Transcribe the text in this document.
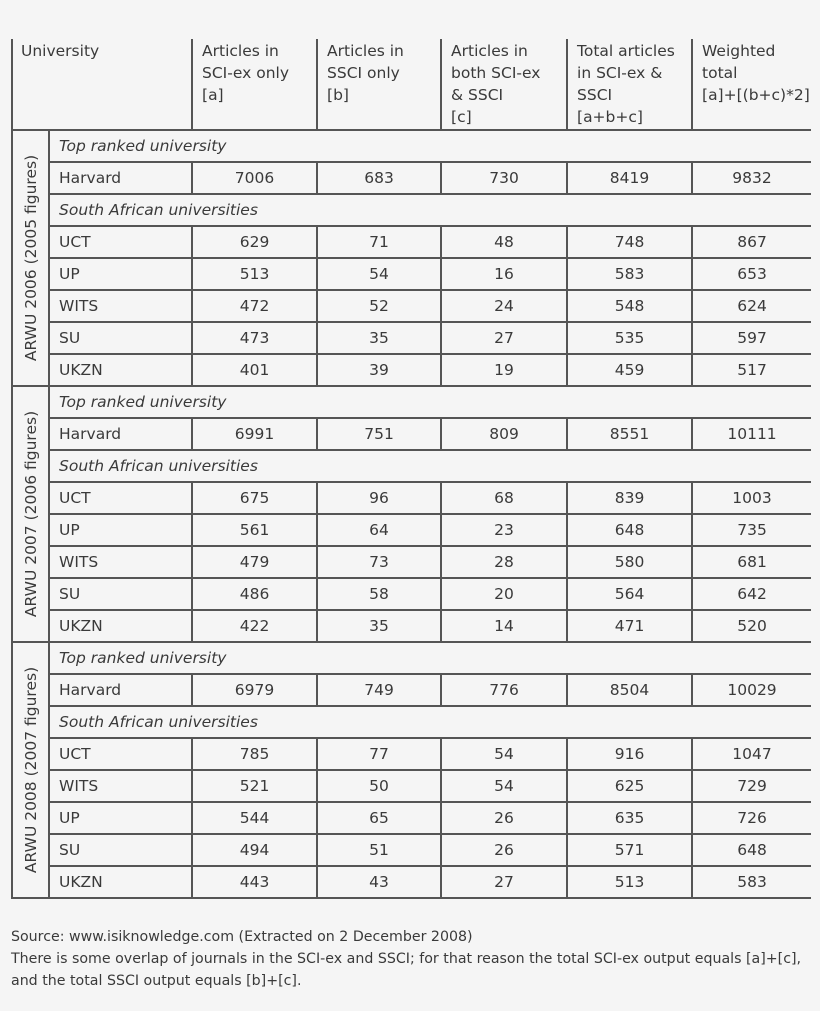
University		Articles in
SCI-ex only
[a]	Articles in
SSCI only
[b]	Articles in
both SCI-ex
& SSCI
[c]	Total articles
in SCI-ex &
SSCI
[a+b+c]	Weighted
total
[a]+[(b+c)*2]

ARWU 2006 (2005 figures)	Top ranked university					
	Harvard	7006	683	730	8419	9832
	South African universities					
	UCT	629	71	48	748	867
	UP	513	54	16	583	653
	WITS	472	52	24	548	624
	SU	473	35	27	535	597
	UKZN	401	39	19	459	517

ARWU 2007 (2006 figures)	Top ranked university					
	Harvard	6991	751	809	8551	10111
	South African universities					
	UCT	675	96	68	839	1003
	UP	561	64	23	648	735
	WITS	479	73	28	580	681
	SU	486	58	20	564	642
	UKZN	422	35	14	471	520

ARWU 2008 (2007 figures)	Top ranked university					
	Harvard	6979	749	776	8504	10029
	South African universities					
	UCT	785	77	54	916	1047
	WITS	521	50	54	625	729
	UP	544	65	26	635	726
	SU	494	51	26	571	648
	UKZN	443	43	27	513	583
Source: www.isiknowledge.com (Extracted on 2 December 2008)
There is some overlap of journals in the SCI-ex and SSCI; for that reason the total SCI-ex output equals [a]+[c], and the total SSCI output equals [b]+[c].
